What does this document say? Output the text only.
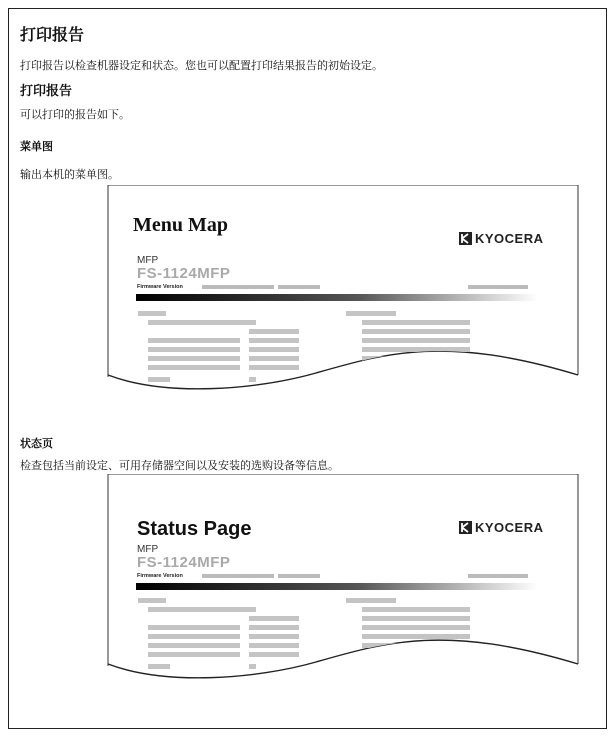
打印报告
打印报告以检查机器设定和状态。您也可以配置打印结果报告的初始设定。
打印报告
可以打印的报告如下。
菜单图
输出本机的菜单图。
Menu Map
KYOCERA
MFP
FS-1124MFP
Firmware Version
状态页
检查包括当前设定、可用存储器空间以及安装的选购设备等信息。
Status Page	KYOCERA
MFP
FS-1124MFP
Firmware Version
